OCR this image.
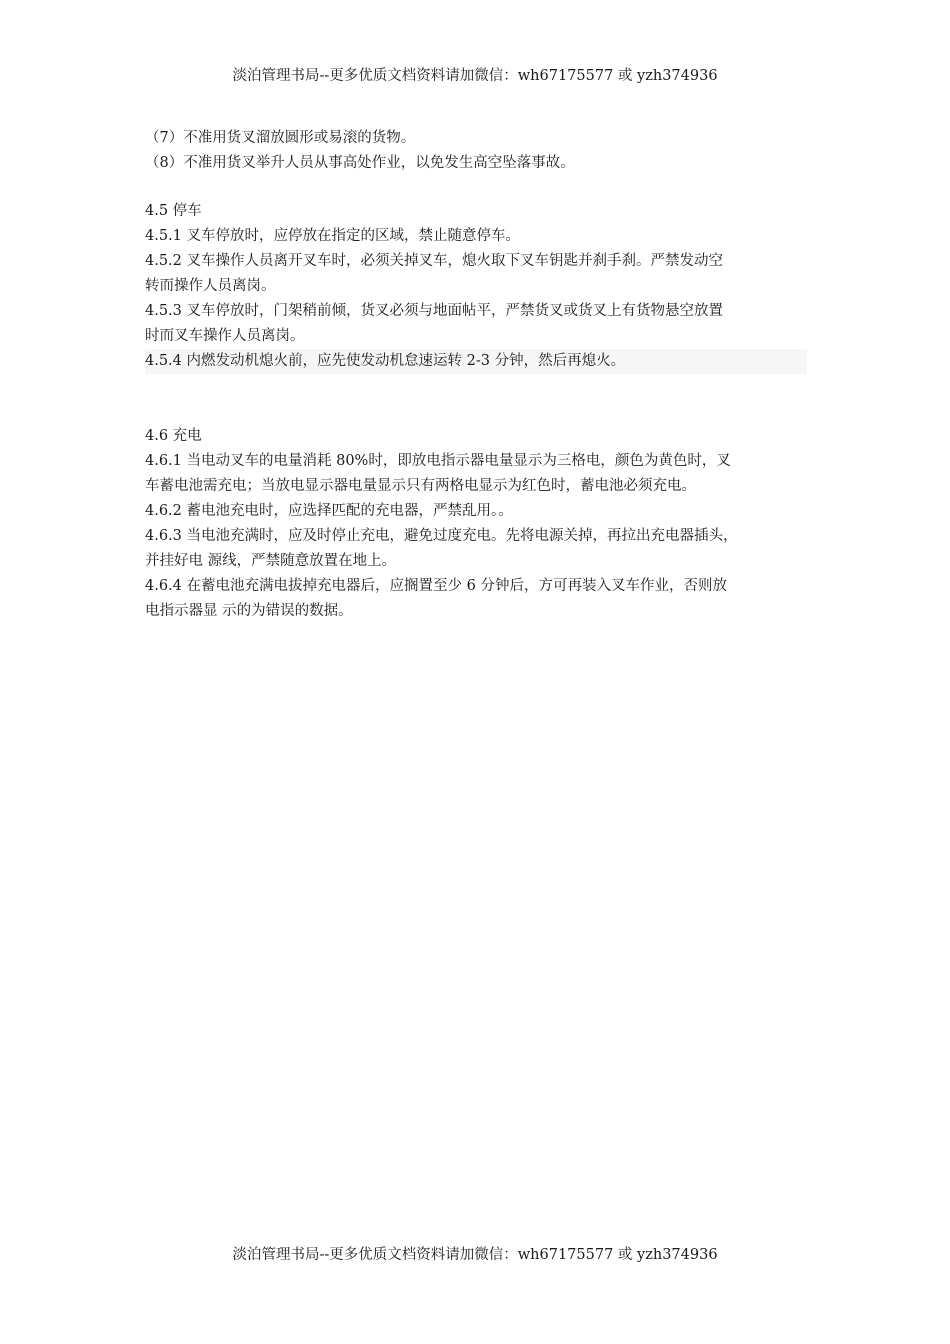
淡泊管理书局--更多优质文档资料请加微信：wh67175577 或 yzh374936
（7）不准用货叉溜放圆形或易滚的货物。
（8）不准用货叉举升人员从事高处作业，以免发生高空坠落事故。
4.5 停车
4.5.1 叉车停放时，应停放在指定的区域，禁止随意停车。
4.5.2 叉车操作人员离开叉车时，必须关掉叉车，熄火取下叉车钥匙并刹手刹。严禁发动空
转而操作人员离岗。
4.5.3 叉车停放时，门架稍前倾，货叉必须与地面帖平，严禁货叉或货叉上有货物悬空放置
时而叉车操作人员离岗。
4.5.4 内燃发动机熄火前，应先使发动机怠速运转 2-3 分钟，然后再熄火。
4.6 充电
4.6.1 当电动叉车的电量消耗 80%时，即放电指示器电量显示为三格电，颜色为黄色时，叉
车蓄电池需充电；当放电显示器电量显示只有两格电显示为红色时，蓄电池必须充电。
4.6.2 蓄电池充电时，应选择匹配的充电器，严禁乱用。。
4.6.3 当电池充满时，应及时停止充电，避免过度充电。先将电源关掉，再拉出充电器插头，
并挂好电 源线，严禁随意放置在地上。
4.6.4 在蓄电池充满电拔掉充电器后，应搁置至少 6 分钟后，方可再装入叉车作业，否则放
电指示器显 示的为错误的数据。
淡泊管理书局--更多优质文档资料请加微信：wh67175577 或 yzh374936
